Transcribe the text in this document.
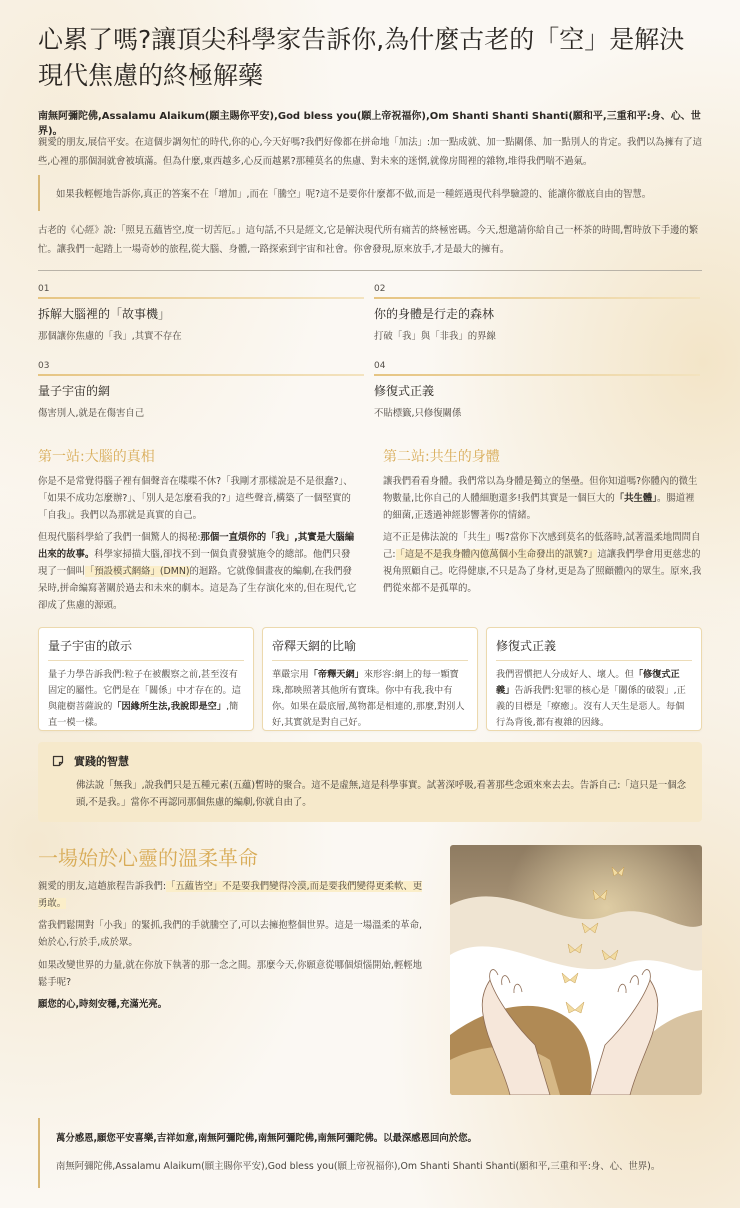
心累了嗎?讓頂尖科學家告訴你,為什麼古老的「空」是解決現代焦慮的終極解藥
南無阿彌陀佛,Assalamu Alaikum(願主賜你平安),God bless you(願上帝祝福你),Om Shanti Shanti Shanti(願和平,三重和平:身、心、世界)。

親愛的朋友,展信平安。在這個步調匆忙的時代,你的心,今天好嗎?我們好像都在拼命地「加法」:加一點成就、加一點關係、加一點別人的肯定。我們以為擁有了這些,心裡的那個洞就會被填滿。但為什麼,東西越多,心反而越累?那種莫名的焦慮、對未來的迷惘,就像房間裡的雜物,堆得我們喘不過氣。

如果我輕輕地告訴你,真正的答案不在「增加」,而在「騰空」呢?這不是要你什麼都不做,而是一種經過現代科學驗證的、能讓你徹底自由的智慧。

古老的《心經》說:「照見五蘊皆空,度一切苦厄。」這句話,不只是經文,它是解決現代所有痛苦的終極密碼。今天,想邀請你給自己一杯茶的時間,暫時放下手邊的繁忙。讓我們一起踏上一場奇妙的旅程,從大腦、身體,一路探索到宇宙和社會。你會發現,原來放手,才是最大的擁有。

01
拆解大腦裡的「故事機」
那個讓你焦慮的「我」,其實不存在
02
你的身體是行走的森林
打破「我」與「非我」的界線
03
量子宇宙的網
傷害別人,就是在傷害自己
04
修復式正義
不貼標籤,只修復關係
第一站:大腦的真相

你是不是常覺得腦子裡有個聲音在喋喋不休?「我剛才那樣說是不是很蠢?」、「如果不成功怎麼辦?」、「別人是怎麼看我的?」這些聲音,構築了一個堅實的「自我」。我們以為那就是真實的自己。

但現代腦科學給了我們一個驚人的揭秘:那個一直煩你的「我」,其實是大腦編出來的故事。科學家掃描大腦,卻找不到一個負責發號施令的總部。他們只發現了一個叫「預設模式網絡」(DMN)的迴路。它就像個畫夜的編劇,在我們發呆時,拼命編寫著關於過去和未來的劇本。這是為了生存演化來的,但在現代,它卻成了焦慮的源頭。

第二站:共生的身體

讓我們看看身體。我們常以為身體是獨立的堡壘。但你知道嗎?你體內的微生物數量,比你自己的人體細胞還多!我們其實是一個巨大的「共生體」。腸道裡的細菌,正透過神經影響著你的情緒。

這不正是佛法說的「共生」嗎?當你下次感到莫名的低落時,試著溫柔地問問自己:「這是不是我身體內億萬個小生命發出的訊號?」這讓我們學會用更慈悲的視角照顧自己。吃得健康,不只是為了身材,更是為了照顧體內的眾生。原來,我們從來都不是孤單的。

量子宇宙的啟示

量子力學告訴我們:粒子在被觀察之前,甚至沒有固定的屬性。它們是在「關係」中才存在的。這與龍樹菩薩說的「因緣所生法,我說即是空」,簡直一模一樣。

帝釋天網的比喻

華嚴宗用「帝釋天網」來形容:網上的每一顆寶珠,都映照著其他所有寶珠。你中有我,我中有你。如果在最底層,萬物都是相連的,那麼,對別人好,其實就是對自己好。

修復式正義

我們習慣把人分成好人、壞人。但「修復式正義」告訴我們:犯罪的核心是「關係的破裂」,正義的目標是「療癒」。沒有人天生是惡人。每個行為背後,都有複雜的因緣。

實踐的智慧

佛法說「無我」,說我們只是五種元素(五蘊)暫時的聚合。這不是虛無,這是科學事實。試著深呼吸,看著那些念頭來來去去。告訴自己:「這只是一個念頭,不是我。」當你不再認同那個焦慮的編劇,你就自由了。

一場始於心靈的溫柔革命

親愛的朋友,這趟旅程告訴我們:「五蘊皆空」不是要我們變得冷漠,而是要我們變得更柔軟、更勇敢。

當我們鬆開對「小我」的緊抓,我們的手就騰空了,可以去擁抱整個世界。這是一場溫柔的革命,始於心,行於手,成於眾。

如果改變世界的力量,就在你放下執著的那一念之間。那麼今天,你願意從哪個煩惱開始,輕輕地鬆手呢?

願您的心,時刻安穩,充滿光亮。

萬分感恩,願您平安喜樂,吉祥如意,南無阿彌陀佛,南無阿彌陀佛,南無阿彌陀佛。以最深感恩回向於您。
南無阿彌陀佛,Assalamu Alaikum(願主賜你平安),God bless you(願上帝祝福你),Om Shanti Shanti Shanti(願和平,三重和平:身、心、世界)。
